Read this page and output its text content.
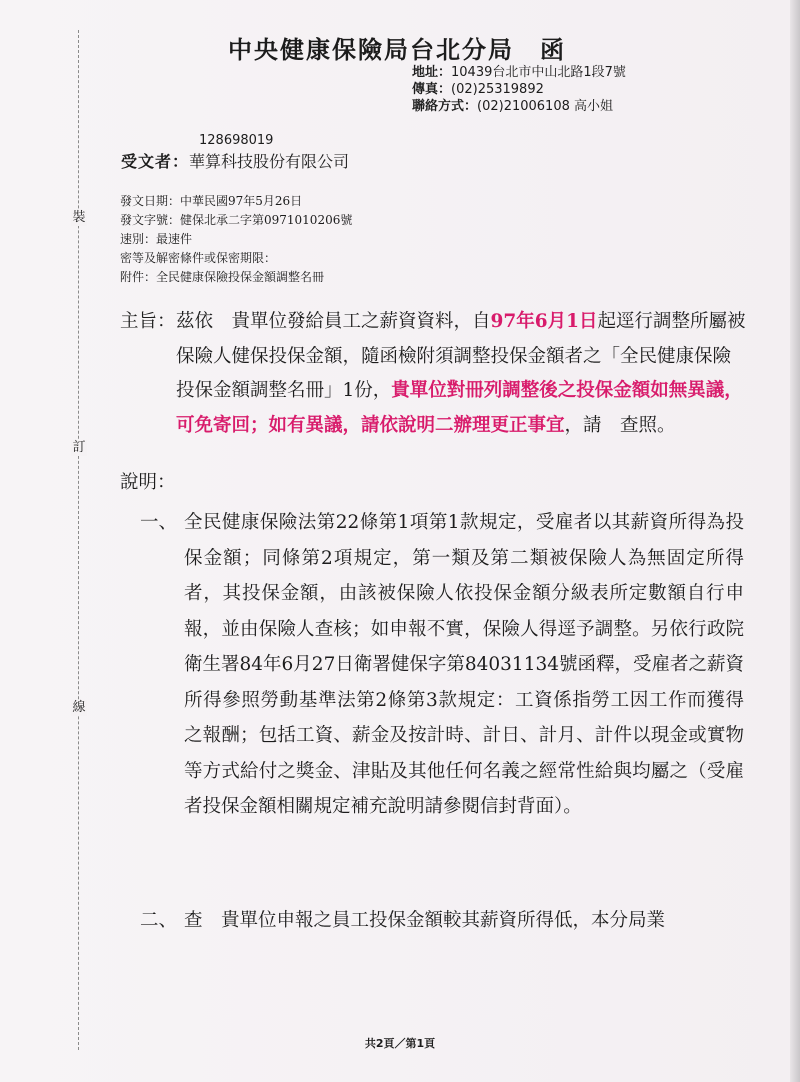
裝
訂
線
中央健康保險局台北分局　函
地址：10439台北市中山北路1段7號
傳真：(02)25319892
聯絡方式：(02)21006108 高小姐
128698019
受文者：華算科技股份有限公司
發文日期：中華民國97年5月26日
發文字號：健保北承二字第0971010206號
速別：最速件
密等及解密條件或保密期限：
附件：全民健康保險投保金額調整名冊
主旨： 茲依　貴單位發給員工之薪資資料，自97年6月1日起逕行調整所屬被保險人健保投保金額，隨函檢附須調整投保金額者之「全民健康保險投保金額調整名冊」1份，貴單位對冊列調整後之投保金額如無異議，可免寄回；如有異議，請依說明二辦理更正事宜，請　查照。
說明：
一、 全民健康保險法第22條第1項第1款規定，受雇者以其薪資所得為投保金額；同條第2項規定，第一類及第二類被保險人為無固定所得者，其投保金額，由該被保險人依投保金額分級表所定數額自行申報，並由保險人查核；如申報不實，保險人得逕予調整。另依行政院衛生署84年6月27日衛署健保字第84031134號函釋，受雇者之薪資所得參照勞動基準法第2條第3款規定：工資係指勞工因工作而獲得之報酬；包括工資、薪金及按計時、計日、計月、計件以現金或實物等方式給付之獎金、津貼及其他任何名義之經常性給與均屬之（受雇者投保金額相關規定補充說明請參閱信封背面）。
二、 查　貴單位申報之員工投保金額較其薪資所得低，本分局業
共2頁／第1頁
